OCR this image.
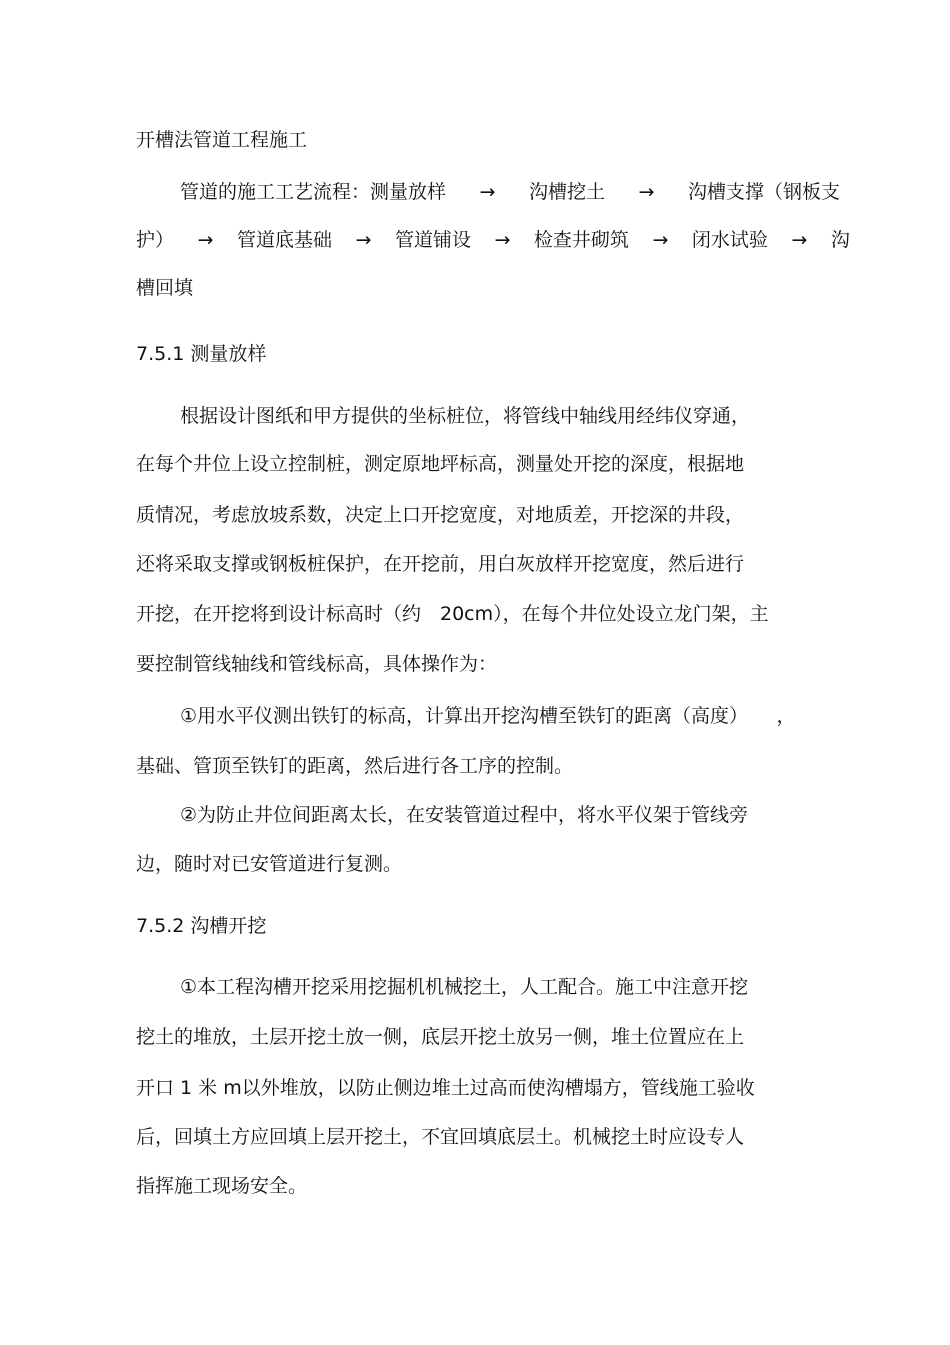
开槽法管道工程施工
管道的施工工艺流程：测量放样 → 沟槽挖土 → 沟槽支撑（钢板支
护） → 管道底基础 → 管道铺设 → 检查井砌筑 → 闭水试验 → 沟
槽回填
7.5.1 测量放样
根据设计图纸和甲方提供的坐标桩位，将管线中轴线用经纬仪穿通，
在每个井位上设立控制桩，测定原地坪标高，测量处开挖的深度，根据地
质情况，考虑放坡系数，决定上口开挖宽度，对地质差，开挖深的井段，
还将采取支撑或钢板桩保护，在开挖前，用白灰放样开挖宽度，然后进行
开挖，在开挖将到设计标高时（约　20cm），在每个井位处设立龙门架，主
要控制管线轴线和管线标高，具体操作为：
①用水平仪测出铁钉的标高，计算出开挖沟槽至铁钉的距离（高度）　　，
基础、管顶至铁钉的距离，然后进行各工序的控制。
②为防止井位间距离太长，在安装管道过程中，将水平仪架于管线旁
边，随时对已安管道进行复测。
7.5.2 沟槽开挖
①本工程沟槽开挖采用挖掘机机械挖土，人工配合。施工中注意开挖
挖土的堆放，土层开挖土放一侧，底层开挖土放另一侧，堆土位置应在上
开口 1 米 m以外堆放，以防止侧边堆土过高而使沟槽塌方，管线施工验收
后，回填土方应回填上层开挖土，不宜回填底层土。机械挖土时应设专人
指挥施工现场安全。
